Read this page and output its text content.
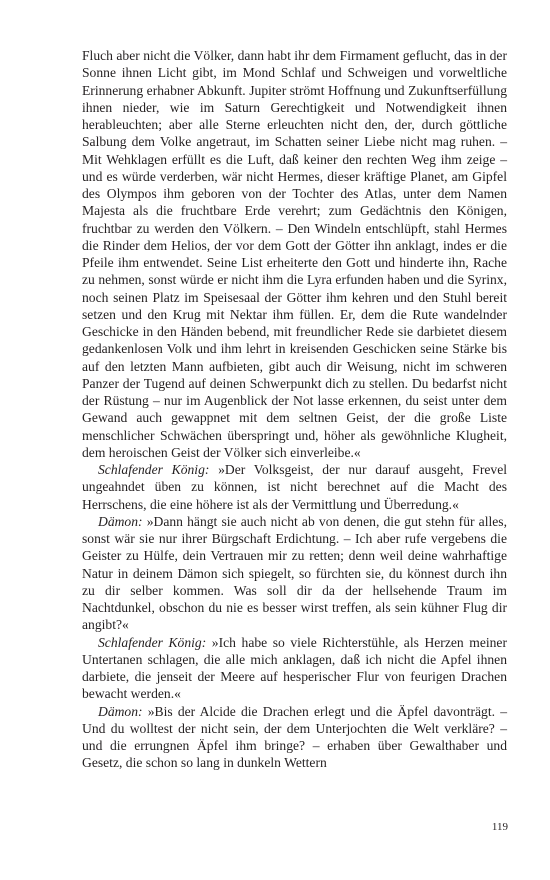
Fluch aber nicht die Völker, dann habt ihr dem Firmament geflucht, das in der Sonne ihnen Licht gibt, im Mond Schlaf und Schweigen und vorweltliche Erinnerung erhabner Abkunft. Jupiter strömt Hoffnung und Zukunftserfüllung ihnen nieder, wie im Saturn Gerechtigkeit und Notwendigkeit ihnen herableuchten; aber alle Sterne erleuchten nicht den, der, durch göttliche Salbung dem Volke angetraut, im Schatten seiner Liebe nicht mag ruhen. – Mit Wehklagen erfüllt es die Luft, daß keiner den rechten Weg ihm zeige – und es würde verderben, wär nicht Hermes, dieser kräftige Planet, am Gipfel des Olympos ihm geboren von der Tochter des Atlas, unter dem Namen Majesta als die fruchtbare Erde verehrt; zum Gedächtnis den Königen, fruchtbar zu werden den Völkern. – Den Windeln entschlüpft, stahl Hermes die Rinder dem Helios, der vor dem Gott der Götter ihn anklagt, indes er die Pfeile ihm entwendet. Seine List erheiterte den Gott und hinderte ihn, Rache zu nehmen, sonst würde er nicht ihm die Lyra erfunden haben und die Syrinx, noch seinen Platz im Speisesaal der Götter ihm kehren und den Stuhl bereit setzen und den Krug mit Nektar ihm füllen. Er, dem die Rute wandelnder Geschicke in den Händen bebend, mit freundlicher Rede sie darbietet diesem gedankenlosen Volk und ihm lehrt in kreisenden Geschicken seine Stärke bis auf den letzten Mann aufbieten, gibt auch dir Weisung, nicht im schweren Panzer der Tugend auf deinen Schwerpunkt dich zu stellen. Du bedarfst nicht der Rüstung – nur im Augenblick der Not lasse erkennen, du seist unter dem Gewand auch gewappnet mit dem seltnen Geist, der die große Liste menschlicher Schwächen überspringt und, höher als gewöhnliche Klugheit, dem heroischen Geist der Völker sich einverleibe.«

Schlafender König: »Der Volksgeist, der nur darauf ausgeht, Frevel ungeahndet üben zu können, ist nicht berechnet auf die Macht des Herrschens, die eine höhere ist als der Vermittlung und Überredung.«

Dämon: »Dann hängt sie auch nicht ab von denen, die gut stehn für alles, sonst wär sie nur ihrer Bürgschaft Erdichtung. – Ich aber rufe vergebens die Geister zu Hülfe, dein Vertrauen mir zu retten; denn weil deine wahrhaftige Natur in deinem Dämon sich spiegelt, so fürchten sie, du könnest durch ihn zu dir selber kommen. Was soll dir da der hellsehende Traum im Nachtdunkel, obschon du nie es besser wirst treffen, als sein kühner Flug dir angibt?«

Schlafender König: »Ich habe so viele Richterstühle, als Herzen meiner Untertanen schlagen, die alle mich anklagen, daß ich nicht die Apfel ihnen darbiete, die jenseit der Meere auf hesperischer Flur von feurigen Drachen bewacht werden.«

Dämon: »Bis der Alcide die Drachen erlegt und die Äpfel davonträgt. – Und du wolltest der nicht sein, der dem Unterjochten die Welt verkläre? – und die errungnen Äpfel ihm bringe? – erhaben über Gewalthaber und Gesetz, die schon so lang in dunkeln Wettern

119
